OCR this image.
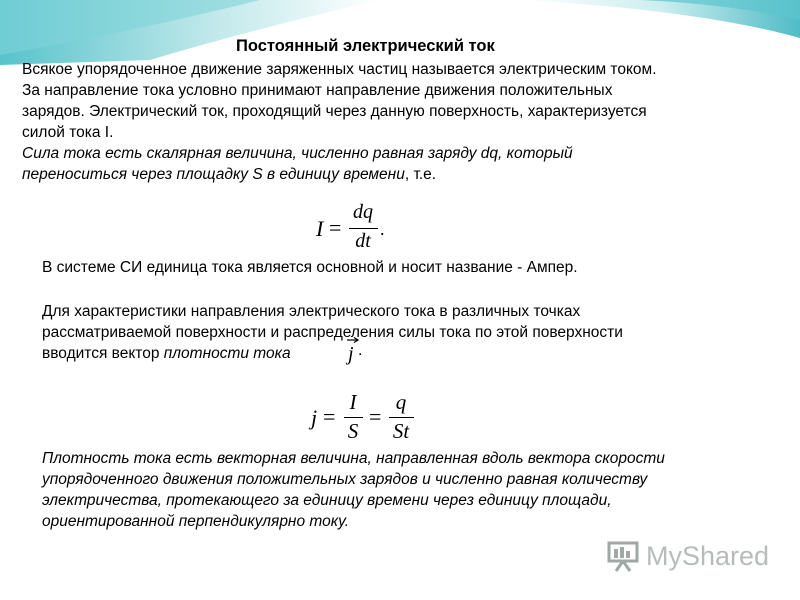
Постоянный электрический ток
Всякое упорядоченное движение заряженных частиц называется электрическим током.
За направление тока условно принимают направление движения положительных
зарядов. Электрический ток, проходящий через данную поверхность, характеризуется
силой тока I.
Сила тока есть скалярная величина, численно равная заряду dq, который
переноситься через площадку S в единицу времени, т.е.
I =
dq
dt
.
В системе СИ единица тока является основной и носит название - Ампер.
Для характеристики направления электрического тока в различных точках
рассматриваемой поверхности и распределения силы тока по этой поверхности
вводится вектор плотности тока	j .
j =
I
S
=
q
St
Плотность тока есть векторная величина, направленная вдоль вектора скорости
упорядоченного движения положительных зарядов и численно равная количеству
электричества, протекающего за единицу времени через единицу площади,
ориентированной перпендикулярно току.
MyShared
